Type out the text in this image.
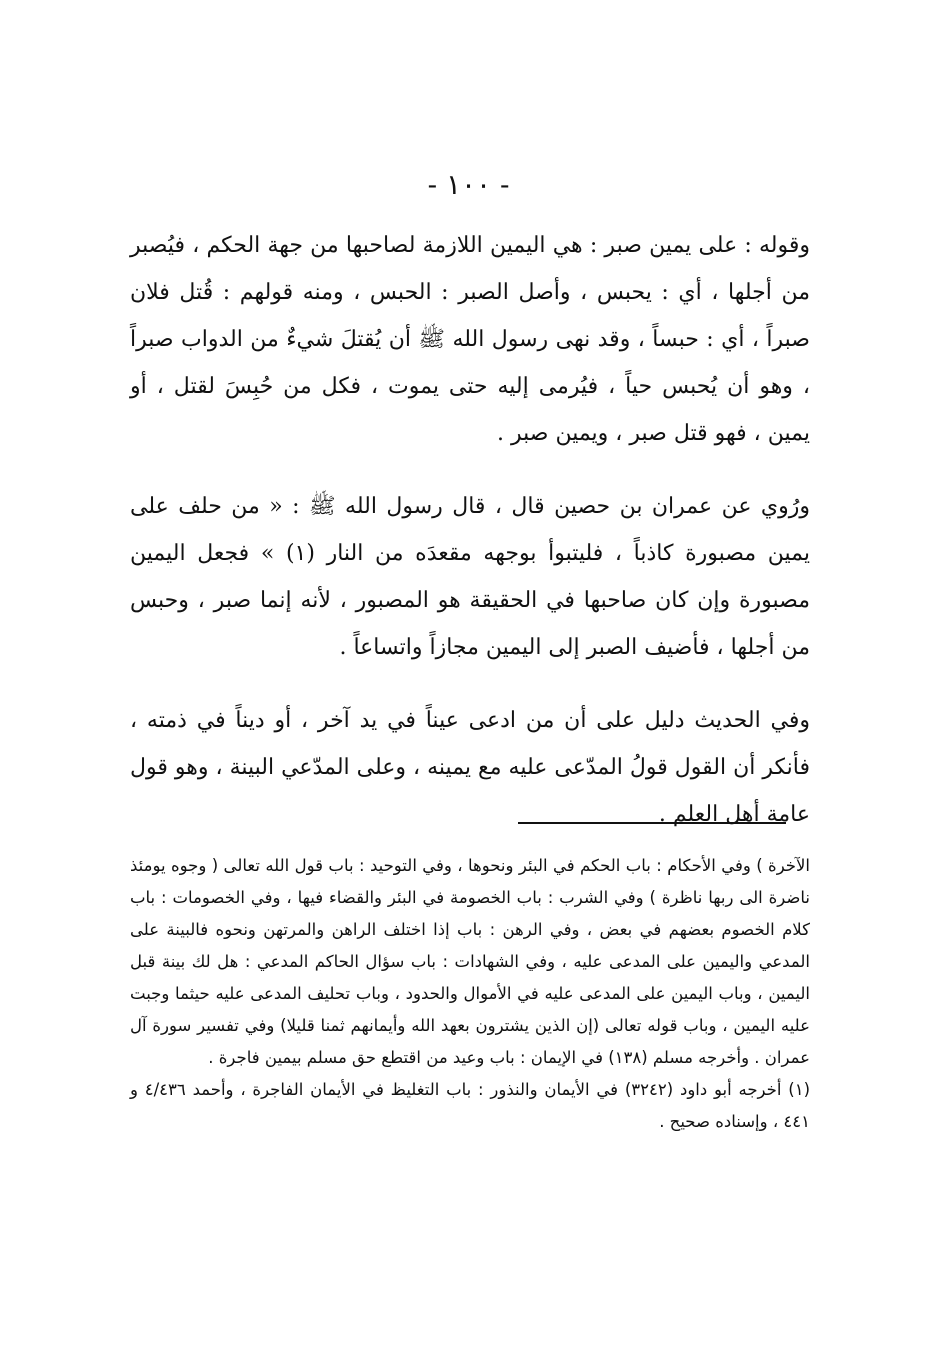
- ١٠٠ -

وقوله : على يمين صبر : هي اليمين اللازمة لصاحبها من جهة الحكم ، فيُصبر من أجلها ، أي : يحبس ، وأصل الصبر : الحبس ، ومنه قولهم : قُتل فلان صبراً ، أي : حبساً ، وقد نهى رسول الله ﷺ أن يُقتلَ شيءٌ من الدواب صبراً ، وهو أن يُحبس حياً ، فيُرمى إليه حتى يموت ، فكل من حُبِسَ لقتل ، أو يمين ، فهو قتل صبر ، ويمين صبر .

ورُوي عن عمران بن حصين قال ، قال رسول الله ﷺ : « من حلف على يمين مصبورة كاذباً ، فليتبوأ بوجهه مقعدَه من النار (١) » فجعل اليمين مصبورة وإن كان صاحبها في الحقيقة هو المصبور ، لأنه إنما صبر ، وحبس من أجلها ، فأضيف الصبر إلى اليمين مجازاً واتساعاً .

وفي الحديث دليل على أن من ادعى عيناً في يد آخر ، أو ديناً في ذمته ، فأنكر أن القول قولُ المدّعى عليه مع يمينه ، وعلى المدّعي البينة ، وهو قول عامة أهل العلم .

الآخرة ) وفي الأحكام : باب الحكم في البئر ونحوها ، وفي التوحيد : باب قول الله تعالى ( وجوه يومئذ ناضرة الى ربها ناظرة ) وفي الشرب : باب الخصومة في البئر والقضاء فيها ، وفي الخصومات : باب كلام الخصوم بعضهم في بعض ، وفي الرهن : باب إذا اختلف الراهن والمرتهن ونحوه فالبينة على المدعي واليمين على المدعى عليه ، وفي الشهادات : باب سؤال الحاكم المدعي : هل لك بينة قبل اليمين ، وباب اليمين على المدعى عليه في الأموال والحدود ، وباب تحليف المدعى عليه حيثما وجبت عليه اليمين ، وباب قوله تعالى (إن الذين يشترون بعهد الله وأيمانهم ثمنا قليلا) وفي تفسير سورة آل عمران . وأخرجه مسلم (١٣٨) في الإيمان : باب وعيد من اقتطع حق مسلم بيمين فاجرة .

(١) أخرجه أبو داود (٣٢٤٢) في الأيمان والنذور : باب التغليظ في الأيمان الفاجرة ، وأحمد ٤/٤٣٦ و ٤٤١ ، وإسناده صحيح .
